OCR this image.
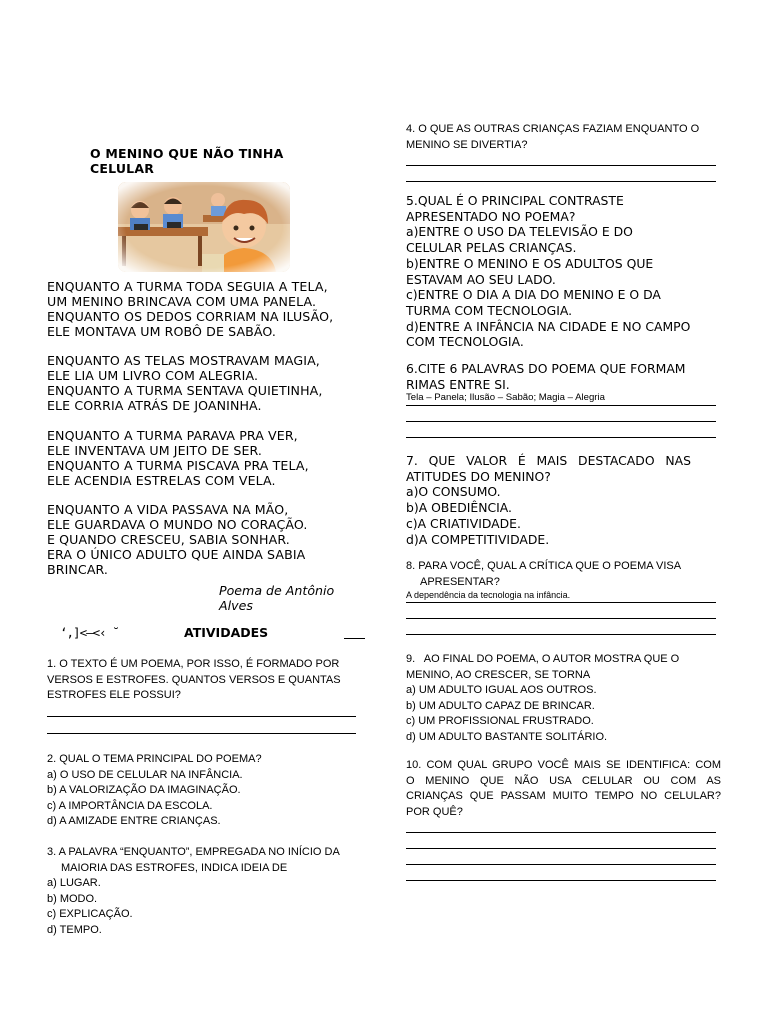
O MENINO QUE NÃO TINHA CELULAR
ENQUANTO A TURMA TODA SEGUIA A TELA,
UM MENINO BRINCAVA COM UMA PANELA.
ENQUANTO OS DEDOS CORRIAM NA ILUSÃO,
ELE MONTAVA UM ROBÔ DE SABÃO.
ENQUANTO AS TELAS MOSTRAVAM MAGIA,
ELE LIA UM LIVRO COM ALEGRIA.
ENQUANTO A TURMA SENTAVA QUIETINHA,
ELE CORRIA ATRÁS DE JOANINHA.
ENQUANTO A TURMA PARAVA PRA VER,
ELE INVENTAVA UM JEITO DE SER.
ENQUANTO A TURMA PISCAVA PRA TELA,
ELE ACENDIA ESTRELAS COM VELA.
ENQUANTO A VIDA PASSAVA NA MÃO,
ELE GUARDAVA O MUNDO NO CORAÇÃO.
E QUANDO CRESCEU, SABIA SONHAR.
ERA O ÚNICO ADULTO QUE AINDA SABIA
BRINCAR.
Poema de Antônio
Alves
‘,]<–<‹ ˘	ATIVIDADES
1. O TEXTO É UM POEMA, POR ISSO, É FORMADO POR
VERSOS E ESTROFES. QUANTOS VERSOS E QUANTAS
ESTROFES ELE POSSUI?
2. QUAL O TEMA PRINCIPAL DO POEMA?
a) O USO DE CELULAR NA INFÂNCIA.
b) A VALORIZAÇÃO DA IMAGINAÇÃO.
c) A IMPORTÂNCIA DA ESCOLA.
d) A AMIZADE ENTRE CRIANÇAS.
3. A PALAVRA “ENQUANTO”, EMPREGADA NO INÍCIO DA
MAIORIA DAS ESTROFES, INDICA IDEIA DE
a) LUGAR.
b) MODO.
c) EXPLICAÇÃO.
d) TEMPO.
4. O QUE AS OUTRAS CRIANÇAS FAZIAM ENQUANTO O
MENINO SE DIVERTIA?
5.QUAL É O PRINCIPAL CONTRASTE
APRESENTADO NO POEMA?
a)ENTRE O USO DA TELEVISÃO E DO
CELULAR PELAS CRIANÇAS.
b)ENTRE O MENINO E OS ADULTOS QUE
ESTAVAM AO SEU LADO.
c)ENTRE O DIA A DIA DO MENINO E O DA
TURMA COM TECNOLOGIA.
d)ENTRE A INFÂNCIA NA CIDADE E NO CAMPO
COM TECNOLOGIA.
6.CITE 6 PALAVRAS DO POEMA QUE FORMAM
RIMAS ENTRE SI.
Tela – Panela; Ilusão – Sabão; Magia – Alegria
7. QUE VALOR É MAIS DESTACADO NAS
ATITUDES DO MENINO?
a)O CONSUMO.
b)A OBEDIÊNCIA.
c)A CRIATIVIDADE.
d)A COMPETITIVIDADE.
8. PARA VOCÊ, QUAL A CRÍTICA QUE O POEMA VISA
APRESENTAR?
A dependência da tecnologia na infância.
9.   AO FINAL DO POEMA, O AUTOR MOSTRA QUE O
MENINO, AO CRESCER, SE TORNA
a) UM ADULTO IGUAL AOS OUTROS.
b) UM ADULTO CAPAZ DE BRINCAR.
c) UM PROFISSIONAL FRUSTRADO.
d) UM ADULTO BASTANTE SOLITÁRIO.
10. COM QUAL GRUPO VOCÊ MAIS SE IDENTIFICA: COM
O MENINO QUE NÃO USA CELULAR OU COM AS
CRIANÇAS QUE PASSAM MUITO TEMPO NO CELULAR?
POR QUÊ?
